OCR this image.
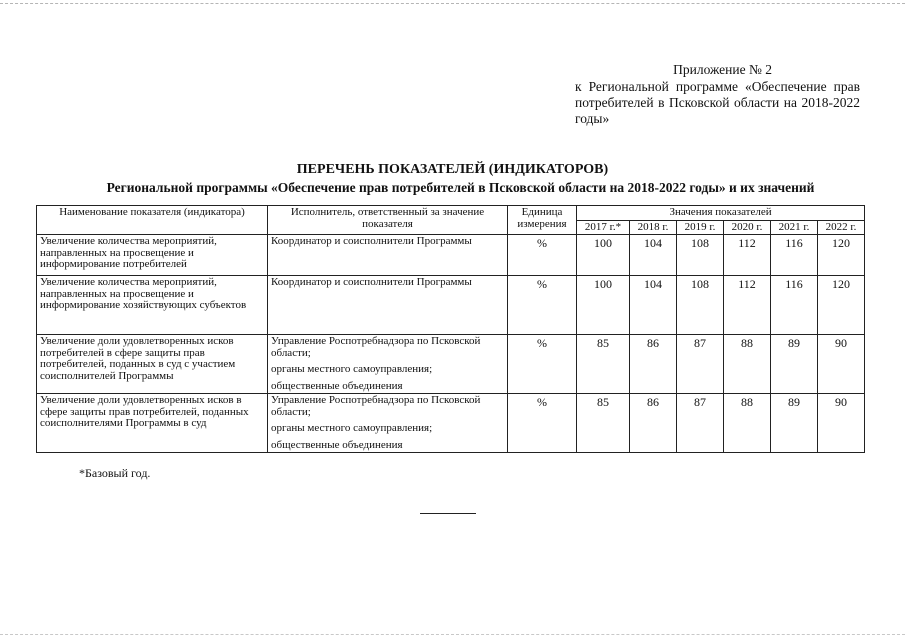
Приложение № 2
к Региональной программе «Обеспечение прав потребителей в Псковской области на 2018-2022 годы»
ПЕРЕЧЕНЬ ПОКАЗАТЕЛЕЙ (ИНДИКАТОРОВ)
Региональной программы «Обеспечение прав потребителей в Псковской области на 2018-2022 годы» и их значений
Наименование показателя (индикатора)	Исполнитель, ответственный за значение показателя	Единица измерения	Значения показателей					
			2017 г.*	2018 г.	2019 г.	2020 г.	2021 г.	2022 г.
Увеличение количества мероприятий, направленных на просвещение и информирование потребителей	Координатор и соисполнители Программы	%	100	104	108	112	116	120
Увеличение количества мероприятий, направленных на просвещение и информирование хозяйствующих субъектов	Координатор и соисполнители Программы	%	100	104	108	112	116	120
Увеличение доли удовлетворенных исков потребителей в сфере защиты прав потребителей, поданных в суд с участием соисполнителей Программы	Управление Роспотребнадзора по Псковской области;
органы местного самоуправления;
общественные объединения	%	85	86	87	88	89	90
Увеличение доли удовлетворенных исков в сфере защиты прав потребителей, поданных соисполнителями Программы в суд	Управление Роспотребнадзора по Псковской области;
органы местного самоуправления;
общественные объединения	%	85	86	87	88	89	90
*Базовый год.
